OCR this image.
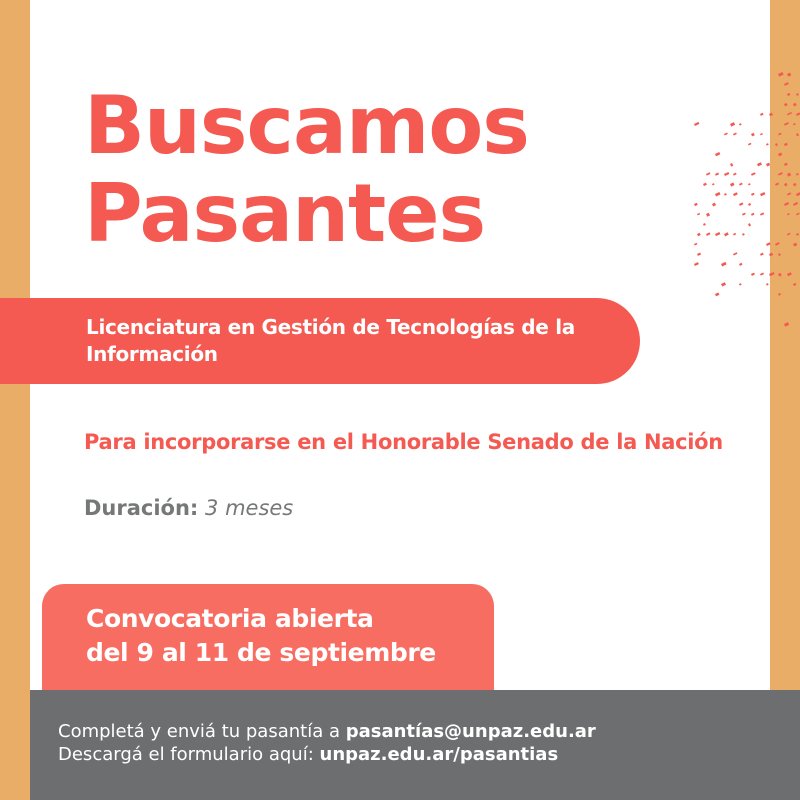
Buscamos
Pasantes
Licenciatura en Gestión de Tecnologías de la Información
Para incorporarse en el Honorable Senado de la Nación
Duración: 3 meses
Convocatoria abierta
del 9 al 11 de septiembre
Completá y enviá tu pasantía a pasantías@unpaz.edu.ar
Descargá el formulario aquí: unpaz.edu.ar/pasantias
